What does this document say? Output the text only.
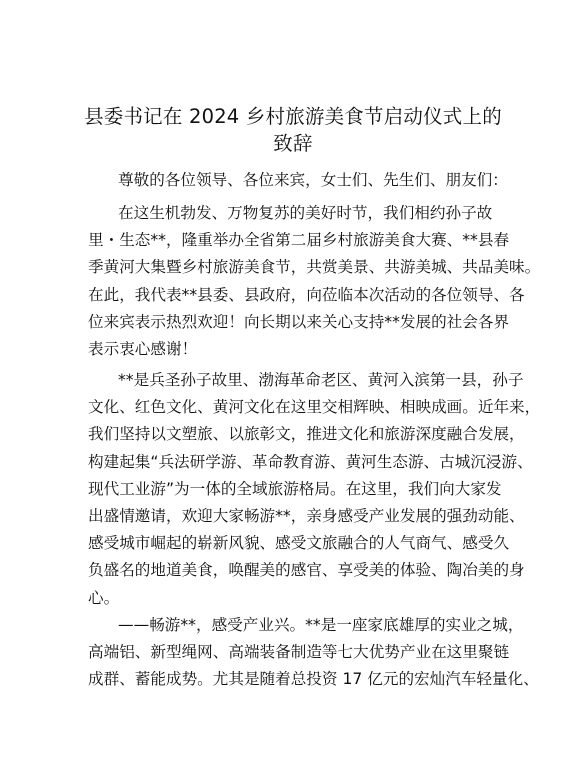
县委书记在 2024 乡村旅游美食节启动仪式上的
致辞
尊敬的各位领导、各位来宾，女士们、先生们、朋友们：
在这生机勃发、万物复苏的美好时节，我们相约孙子故
里・生态**，隆重举办全省第二届乡村旅游美食大赛、**县春
季黄河大集暨乡村旅游美食节，共赏美景、共游美城、共品美味。
在此，我代表**县委、县政府，向莅临本次活动的各位领导、各
位来宾表示热烈欢迎！向长期以来关心支持**发展的社会各界
表示衷心感谢！
**是兵圣孙子故里、渤海革命老区、黄河入滨第一县，孙子
文化、红色文化、黄河文化在这里交相辉映、相映成画。近年来，
我们坚持以文塑旅、以旅彰文，推进文化和旅游深度融合发展，
构建起集“兵法研学游、革命教育游、黄河生态游、古城沉浸游、
现代工业游”为一体的全域旅游格局。在这里，我们向大家发
出盛情邀请，欢迎大家畅游**，亲身感受产业发展的强劲动能、
感受城市崛起的崭新风貌、感受文旅融合的人气商气、感受久
负盛名的地道美食，唤醒美的感官、享受美的体验、陶冶美的身
心。
——畅游**，感受产业兴。**是一座家底雄厚的实业之城，
高端铝、新型绳网、高端装备制造等七大优势产业在这里聚链
成群、蓄能成势。尤其是随着总投资 17 亿元的宏灿汽车轻量化、
